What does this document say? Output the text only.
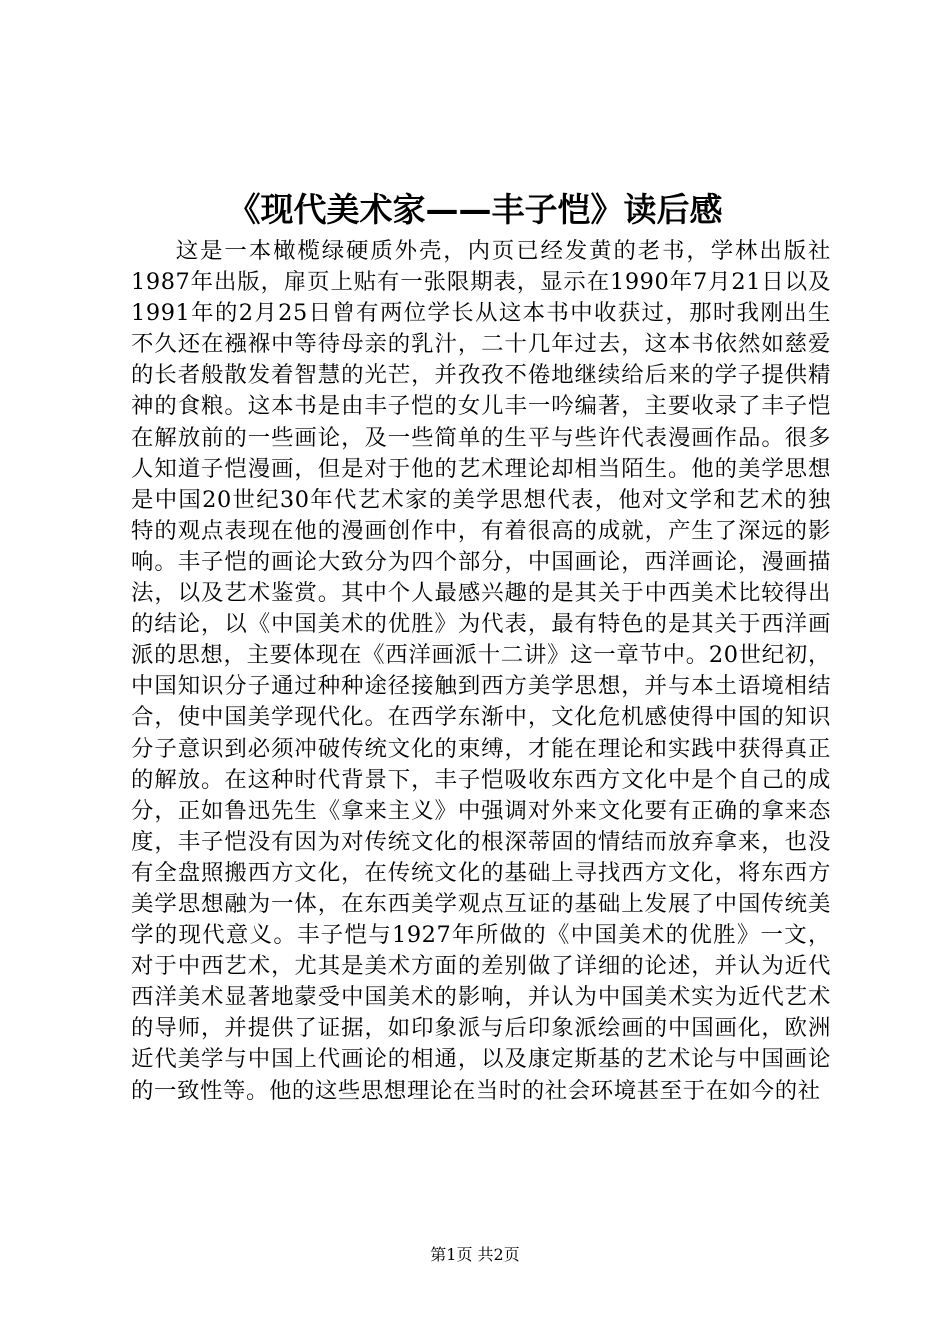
《现代美术家——丰子恺》读后感

这是一本橄榄绿硬质外壳，内页已经发黄的老书，学林出版社1987年出版，扉页上贴有一张限期表，显示在1990年7月21日以及1991年的2月25日曾有两位学长从这本书中收获过，那时我刚出生不久还在襁褓中等待母亲的乳汁，二十几年过去，这本书依然如慈爱的长者般散发着智慧的光芒，并孜孜不倦地继续给后来的学子提供精神的食粮。这本书是由丰子恺的女儿丰一吟编著，主要收录了丰子恺在解放前的一些画论，及一些简单的生平与些许代表漫画作品。很多人知道子恺漫画，但是对于他的艺术理论却相当陌生。他的美学思想是中国20世纪30年代艺术家的美学思想代表，他对文学和艺术的独特的观点表现在他的漫画创作中，有着很高的成就，产生了深远的影响。丰子恺的画论大致分为四个部分，中国画论，西洋画论，漫画描法，以及艺术鉴赏。其中个人最感兴趣的是其关于中西美术比较得出的结论，以《中国美术的优胜》为代表，最有特色的是其关于西洋画派的思想，主要体现在《西洋画派十二讲》这一章节中。20世纪初，中国知识分子通过种种途径接触到西方美学思想，并与本土语境相结合，使中国美学现代化。在西学东渐中，文化危机感使得中国的知识分子意识到必须冲破传统文化的束缚，才能在理论和实践中获得真正的解放。在这种时代背景下，丰子恺吸收东西方文化中是个自己的成分，正如鲁迅先生《拿来主义》中强调对外来文化要有正确的拿来态度，丰子恺没有因为对传统文化的根深蒂固的情结而放弃拿来，也没有全盘照搬西方文化，在传统文化的基础上寻找西方文化，将东西方美学思想融为一体，在东西美学观点互证的基础上发展了中国传统美学的现代意义。丰子恺与1927年所做的《中国美术的优胜》一文，对于中西艺术，尤其是美术方面的差别做了详细的论述，并认为近代西洋美术显著地蒙受中国美术的影响，并认为中国美术实为近代艺术的导师，并提供了证据，如印象派与后印象派绘画的中国画化，欧洲近代美学与中国上代画论的相通，以及康定斯基的艺术论与中国画论的一致性等。他的这些思想理论在当时的社会环境甚至于在如今的社

第1页 共2页
